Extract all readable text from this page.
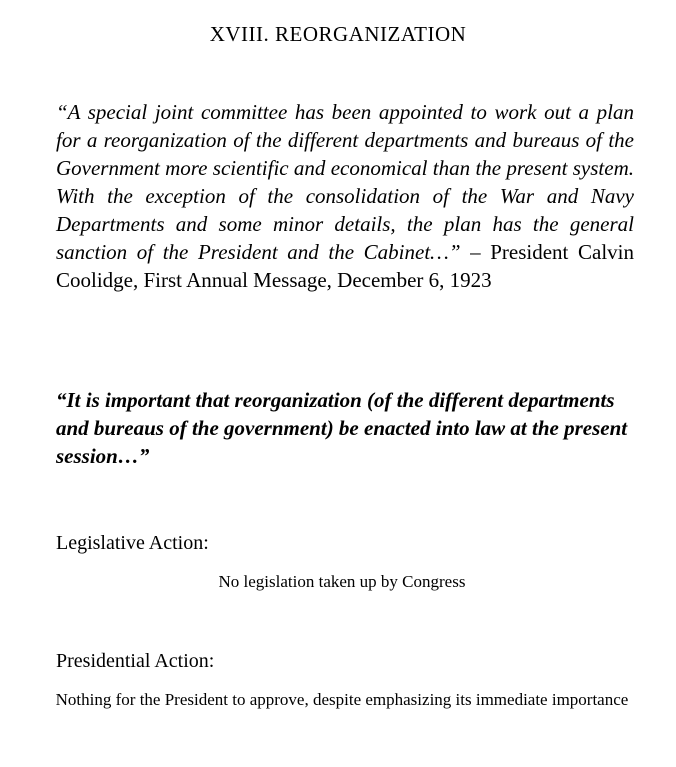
XVIII. REORGANIZATION
“A special joint committee has been appointed to work out a plan for a reorganization of the different departments and bureaus of the Government more scientific and economical than the present system. With the exception of the consolidation of the War and Navy Departments and some minor details, the plan has the general sanction of the President and the Cabinet…” – President Calvin Coolidge, First Annual Message, December 6, 1923
“It is important that reorganization (of the different departments and bureaus of the government) be enacted into law at the present session…”
Legislative Action:
No legislation taken up by Congress
Presidential Action:
Nothing for the President to approve, despite emphasizing its immediate importance
